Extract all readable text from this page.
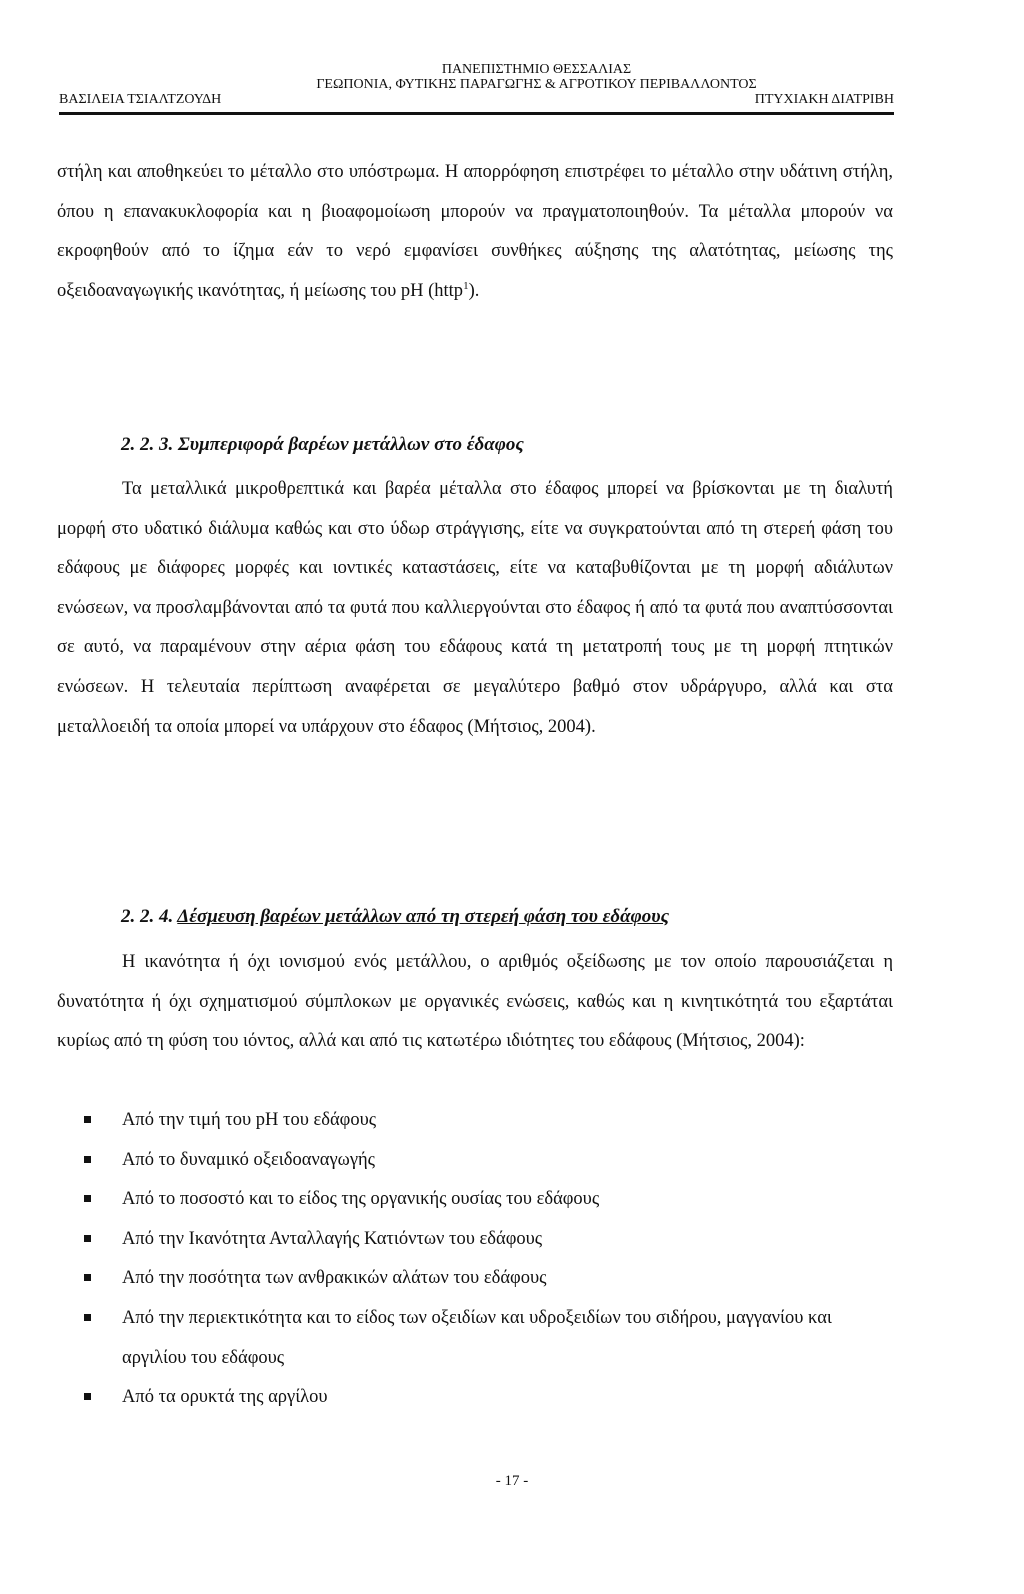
ΠΑΝΕΠΙΣΤΗΜΙΟ ΘΕΣΣΑΛΙΑΣ
ΓΕΩΠΟΝΙΑ, ΦΥΤΙΚΗΣ ΠΑΡΑΓΩΓΗΣ & ΑΓΡΟΤΙΚΟΥ ΠΕΡΙΒΑΛΛΟΝΤΟΣ
ΒΑΣΙΛΕΙΑ ΤΣΙΑΛΤΖΟΥΔΗ	ΠΤΥΧΙΑΚΗ ΔΙΑΤΡΙΒΗ

στήλη και αποθηκεύει το μέταλλο στο υπόστρωμα. Η απορρόφηση επιστρέφει το μέταλλο στην υδάτινη στήλη, όπου η επανακυκλοφορία και η βιοαφομοίωση μπορούν να πραγματοποιηθούν. Τα μέταλλα μπορούν να εκροφηθούν από το ίζημα εάν το νερό εμφανίσει συνθήκες αύξησης της αλατότητας, μείωσης της οξειδοαναγωγικής ικανότητας, ή μείωσης του pH (http$^1$).

2. 2. 3. Συμπεριφορά βαρέων μετάλλων στο έδαφος

Τα μεταλλικά μικροθρεπτικά και βαρέα μέταλλα στο έδαφος μπορεί να βρίσκονται με τη διαλυτή μορφή στο υδατικό διάλυμα καθώς και στο ύδωρ στράγγισης, είτε να συγκρατούνται από τη στερεή φάση του εδάφους με διάφορες μορφές και ιοντικές καταστάσεις, είτε να καταβυθίζονται με τη μορφή αδιάλυτων ενώσεων, να προσλαμβάνονται από τα φυτά που καλλιεργούνται στο έδαφος ή από τα φυτά που αναπτύσσονται σε αυτό, να παραμένουν στην αέρια φάση του εδάφους κατά τη μετατροπή τους με τη μορφή πτητικών ενώσεων. Η τελευταία περίπτωση αναφέρεται σε μεγαλύτερο βαθμό στον υδράργυρο, αλλά και στα μεταλλοειδή τα οποία μπορεί να υπάρχουν στο έδαφος (Μήτσιος, 2004).

2. 2. 4. Δέσμευση βαρέων μετάλλων από τη στερεή φάση του εδάφους

Η ικανότητα ή όχι ιονισμού ενός μετάλλου, ο αριθμός οξείδωσης με τον οποίο παρουσιάζεται η δυνατότητα ή όχι σχηματισμού σύμπλοκων με οργανικές ενώσεις, καθώς και η κινητικότητά του εξαρτάται κυρίως από τη φύση του ιόντος, αλλά και από τις κατωτέρω ιδιότητες του εδάφους (Μήτσιος, 2004):

Από την τιμή του pH του εδάφους
Από το δυναμικό οξειδοαναγωγής
Από το ποσοστό και το είδος της οργανικής ουσίας του εδάφους
Από την Ικανότητα Ανταλλαγής Κατιόντων του εδάφους
Από την ποσότητα των ανθρακικών αλάτων του εδάφους
Από την περιεκτικότητα και το είδος των οξειδίων και υδροξειδίων του σιδήρου, μαγγανίου και αργιλίου του εδάφους
Από τα ορυκτά της αργίλου
- 17 -
